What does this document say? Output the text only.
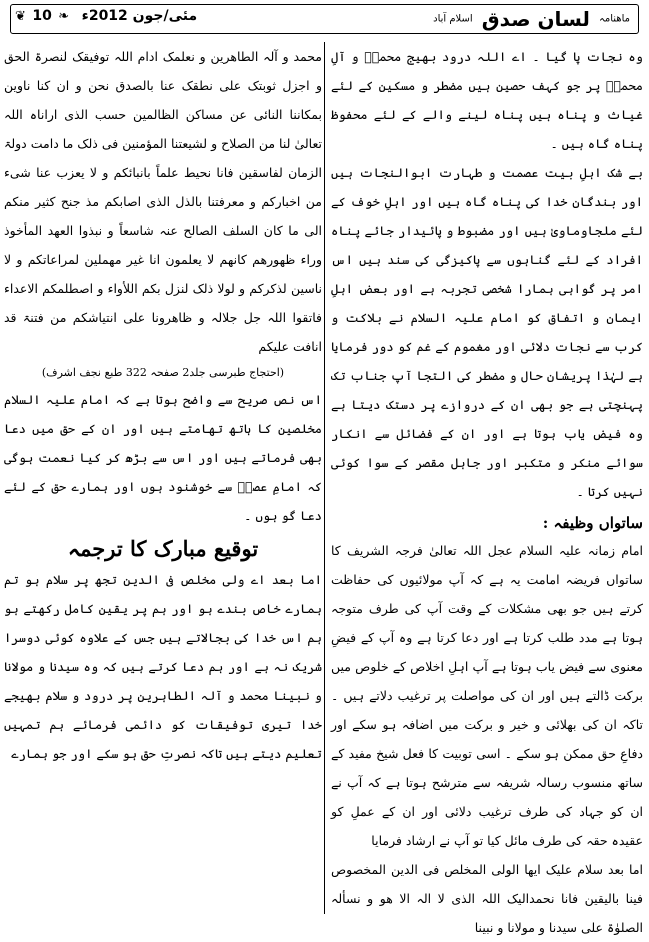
❦ 10 ❧ مئی/جون 2012ء	ماھنامہ لسان صدق اسلام آباد

وہ نجات پا گیا ۔ اے اللہ درود بھیج محمدؐ و آلِ محمدؐ پر جو کہف حصین ہیں مضطر و مسکین کے لئے غیاث و پناہ ہیں پناہ لینے والے کے لئے محفوظ پناہ گاہ ہیں ۔

بے شک اہلِ بیت عصمت و طہارت ابوالنجات ہیں اور بندگانِ خدا کی پناہ گاہ ہیں اور اہلِ خوف کے لئے ملجاوماویٰ ہیں اور مضبوط و پائیدار جائے پناہ افراد کے لئے گناہوں سے پاکیزگی کی سند ہیں اس امر پر گواہی ہمارا شخصی تجربہ ہے اور بعض اہلِ ایمان و اتفاق کو امام علیہ السلام نے بلاکت و کرب سے نجات دلائی اور مغموم کے غم کو دور فرمایا ہے لہٰذا پریشان حال و مضطر کی التجا آپ جناب تک پہنچتی ہے جو بھی ان کے دروازے پر دستک دیتا ہے وہ فیض یاب ہوتا ہے اور ان کے فضائل سے انکار سوائے منکر و متکبر اور جاہل مقصر کے سوا کوئی نہیں کرتا ۔

ساتواں وظیفہ :

امام زمانہ علیہ السلام عجل اللہ تعالیٰ فرجہ الشریف کا ساتواں فریضہ امامت یہ ہے کہ آپ مولائیوں کی حفاظت کرتے ہیں جو بھی مشکلات کے وقت آپ کی طرف متوجہ ہوتا ہے مدد طلب کرتا ہے اور دعا کرتا ہے وہ آپ کے فیضِ معنوی سے فیض یاب ہوتا ہے آپ اہلِ اخلاص کے خلوص میں برکت ڈالتے ہیں اور ان کی مواصلت پر ترغیب دلاتے ہیں ۔ تاکہ ان کی بھلائی و خیر و برکت میں اضافہ ہو سکے اور دفاعِ حق ممکن ہو سکے ۔ اسی توبیت کا فعل شیخ مفید کے ساتھ منسوب رسالہ شریفہ سے مترشح ہوتا ہے کہ آپ نے ان کو جہاد کی طرف ترغیب دلائی اور ان کے عملِ کو عقیدہ حقہ کی طرف مائل کیا تو آپ نے ارشاد فرمایا

اما بعد سلام علیک ایھا الولی المخلص فی الدین المخصوص فینا بالیقین فانا نحمدالیک اللہ الذی لا الہ الا ھو و نسألہ الصلوٰۃ علی سیدنا و مولانا و نبینا

محمد و آلہ الطاھرین و نعلمک ادام اللہ توفیقک لنصرۃ الحق و اجزل ثوبتک علی نطقک عنا بالصدق نحن و ان کنا ناوین بمکاننا النائی عن مساکن الظالمین حسب الذی اراناہ اللہ تعالیٰ لنا من الصلاح و لشیعتنا المؤمنین فی ذلک ما دامت دولۃ الزمان لفاسقین فانا نحیط علماً بانبائکم و لا یعزب عنا شیء من اخبارکم و معرفتنا بالذل الذی اصابکم مذ جنح کثیر منکم الی ما کان السلف الصالح عنہ شاسعاً و نبذوا العھد المأخوذ وراء ظھورھم کانھم لا یعلمون انا غیر مھملین لمراعاتکم و لا ناسین لذکرکم و لولا ذلک لنزل بکم اللأواء و اصطلمکم الاعداء فاتقوا اللہ جل جلالہ و ظاھرونا علی انتیاشکم من فتنۃ قد انافت علیکم

(احتجاج طبرسی جلد2 صفحہ 322 طبع نجف اشرف)

اس نص صریح سے واضح ہوتا ہے کہ امام علیہ السلام مخلصین کا ہاتھ تھامتے ہیں اور ان کے حق میں دعا بھی فرماتے ہیں اور اس سے بڑھ کر کیا نعمت ہوگی کہ امامِ عصرؑ سے خوشنود ہوں اور ہمارے حق کے لئے دعا گو ہوں ۔

توقیع مبارک کا ترجمہ

اما بعد اے ولی مخلص فی الدین تجھ پر سلام ہو تم ہمارے خاص بندے ہو اور ہم پر یقین کامل رکھتے ہو ہم اس خدا کی بجالاتے ہیں جس کے علاوہ کوئی دوسرا شریک نہ ہے اور ہم دعا کرتے ہیں کہ وہ سیدنا و مولانا و نبینا محمد و آلہ الطاہرین پر درود و سلام بھیجے خدا تیری توفیقات کو دائمی فرمائے ہم تمہیں تعلیم دیتے ہیں تاکہ نصرتِ حق ہو سکے اور جو ہمارے
